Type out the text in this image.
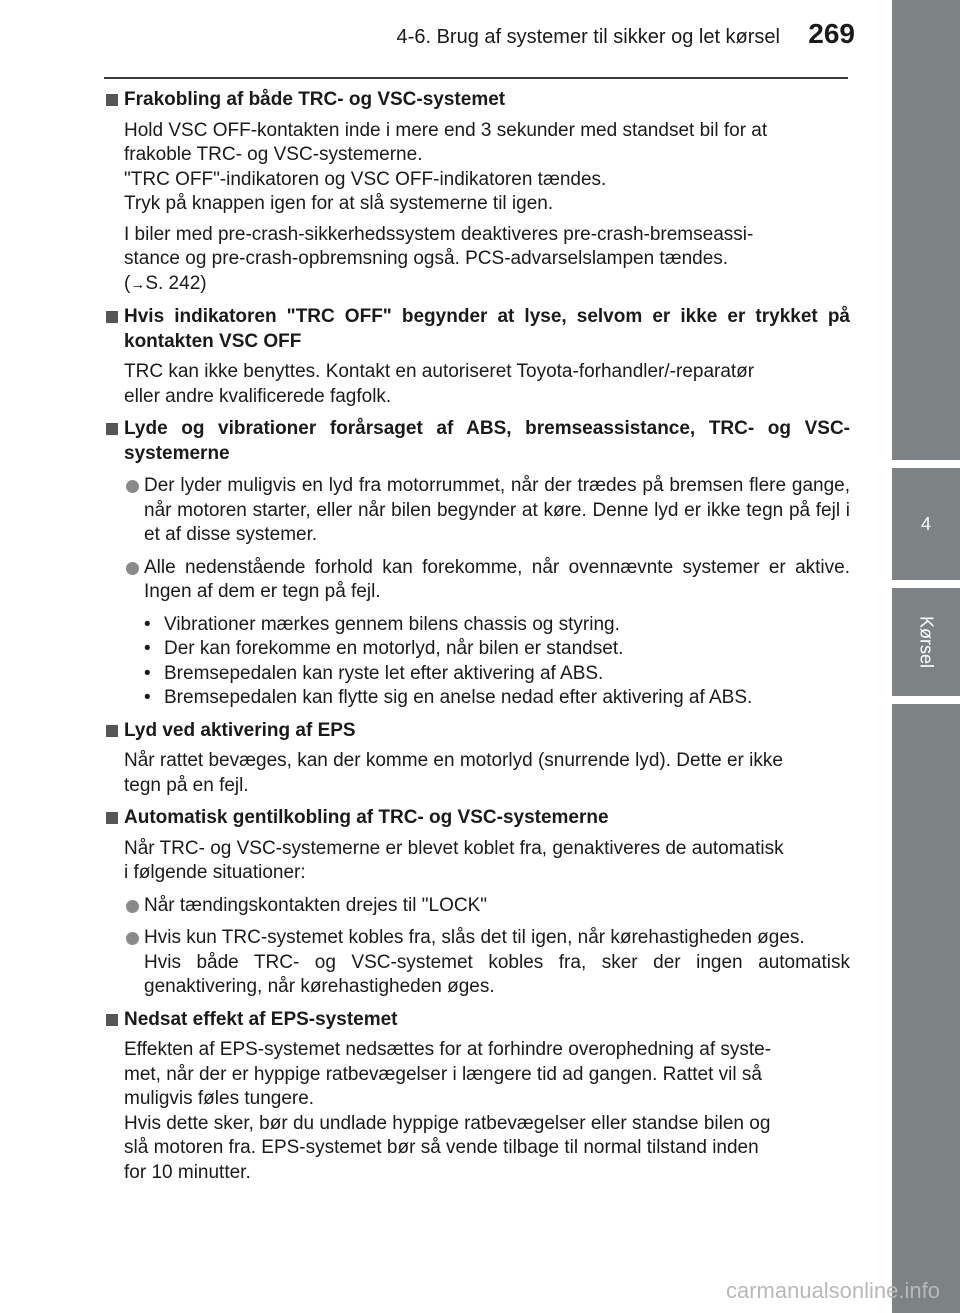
4-6. Brug af systemer til sikker og let kørsel	269
4
Kørsel
Frakobling af både TRC- og VSC-systemet
Hold VSC OFF-kontakten inde i mere end 3 sekunder med standset bil for at
frakoble TRC- og VSC-systemerne.
"TRC OFF"-indikatoren og VSC OFF-indikatoren tændes.
Tryk på knappen igen for at slå systemerne til igen.
I biler med pre-crash-sikkerhedssystem deaktiveres pre-crash-bremseassi-
stance og pre-crash-opbremsning også. PCS-advarselslampen tændes.
(→S. 242)
Hvis indikatoren "TRC OFF" begynder at lyse, selvom er ikke er trykket på kontakten VSC OFF
TRC kan ikke benyttes. Kontakt en autoriseret Toyota-forhandler/-reparatør
eller andre kvalificerede fagfolk.
Lyde og vibrationer forårsaget af ABS, bremseassistance, TRC- og VSC-systemerne
Der lyder muligvis en lyd fra motorrummet, når der trædes på bremsen flere gange, når motoren starter, eller når bilen begynder at køre. Denne lyd er ikke tegn på fejl i et af disse systemer.
Alle nedenstående forhold kan forekomme, når ovennævnte systemer er aktive. Ingen af dem er tegn på fejl.
• Vibrationer mærkes gennem bilens chassis og styring.
• Der kan forekomme en motorlyd, når bilen er standset.
• Bremsepedalen kan ryste let efter aktivering af ABS.
• Bremsepedalen kan flytte sig en anelse nedad efter aktivering af ABS.
Lyd ved aktivering af EPS
Når rattet bevæges, kan der komme en motorlyd (snurrende lyd). Dette er ikke
tegn på en fejl.
Automatisk gentilkobling af TRC- og VSC-systemerne
Når TRC- og VSC-systemerne er blevet koblet fra, genaktiveres de automatisk
i følgende situationer:
Når tændingskontakten drejes til "LOCK"
Hvis kun TRC-systemet kobles fra, slås det til igen, når kørehastigheden øges.
Hvis både TRC- og VSC-systemet kobles fra, sker der ingen automatisk genaktivering, når kørehastigheden øges.
Nedsat effekt af EPS-systemet
Effekten af EPS-systemet nedsættes for at forhindre overophedning af syste-
met, når der er hyppige ratbevægelser i længere tid ad gangen. Rattet vil så
muligvis føles tungere.
Hvis dette sker, bør du undlade hyppige ratbevægelser eller standse bilen og
slå motoren fra. EPS-systemet bør så vende tilbage til normal tilstand inden
for 10 minutter.
carmanualsonline.info
